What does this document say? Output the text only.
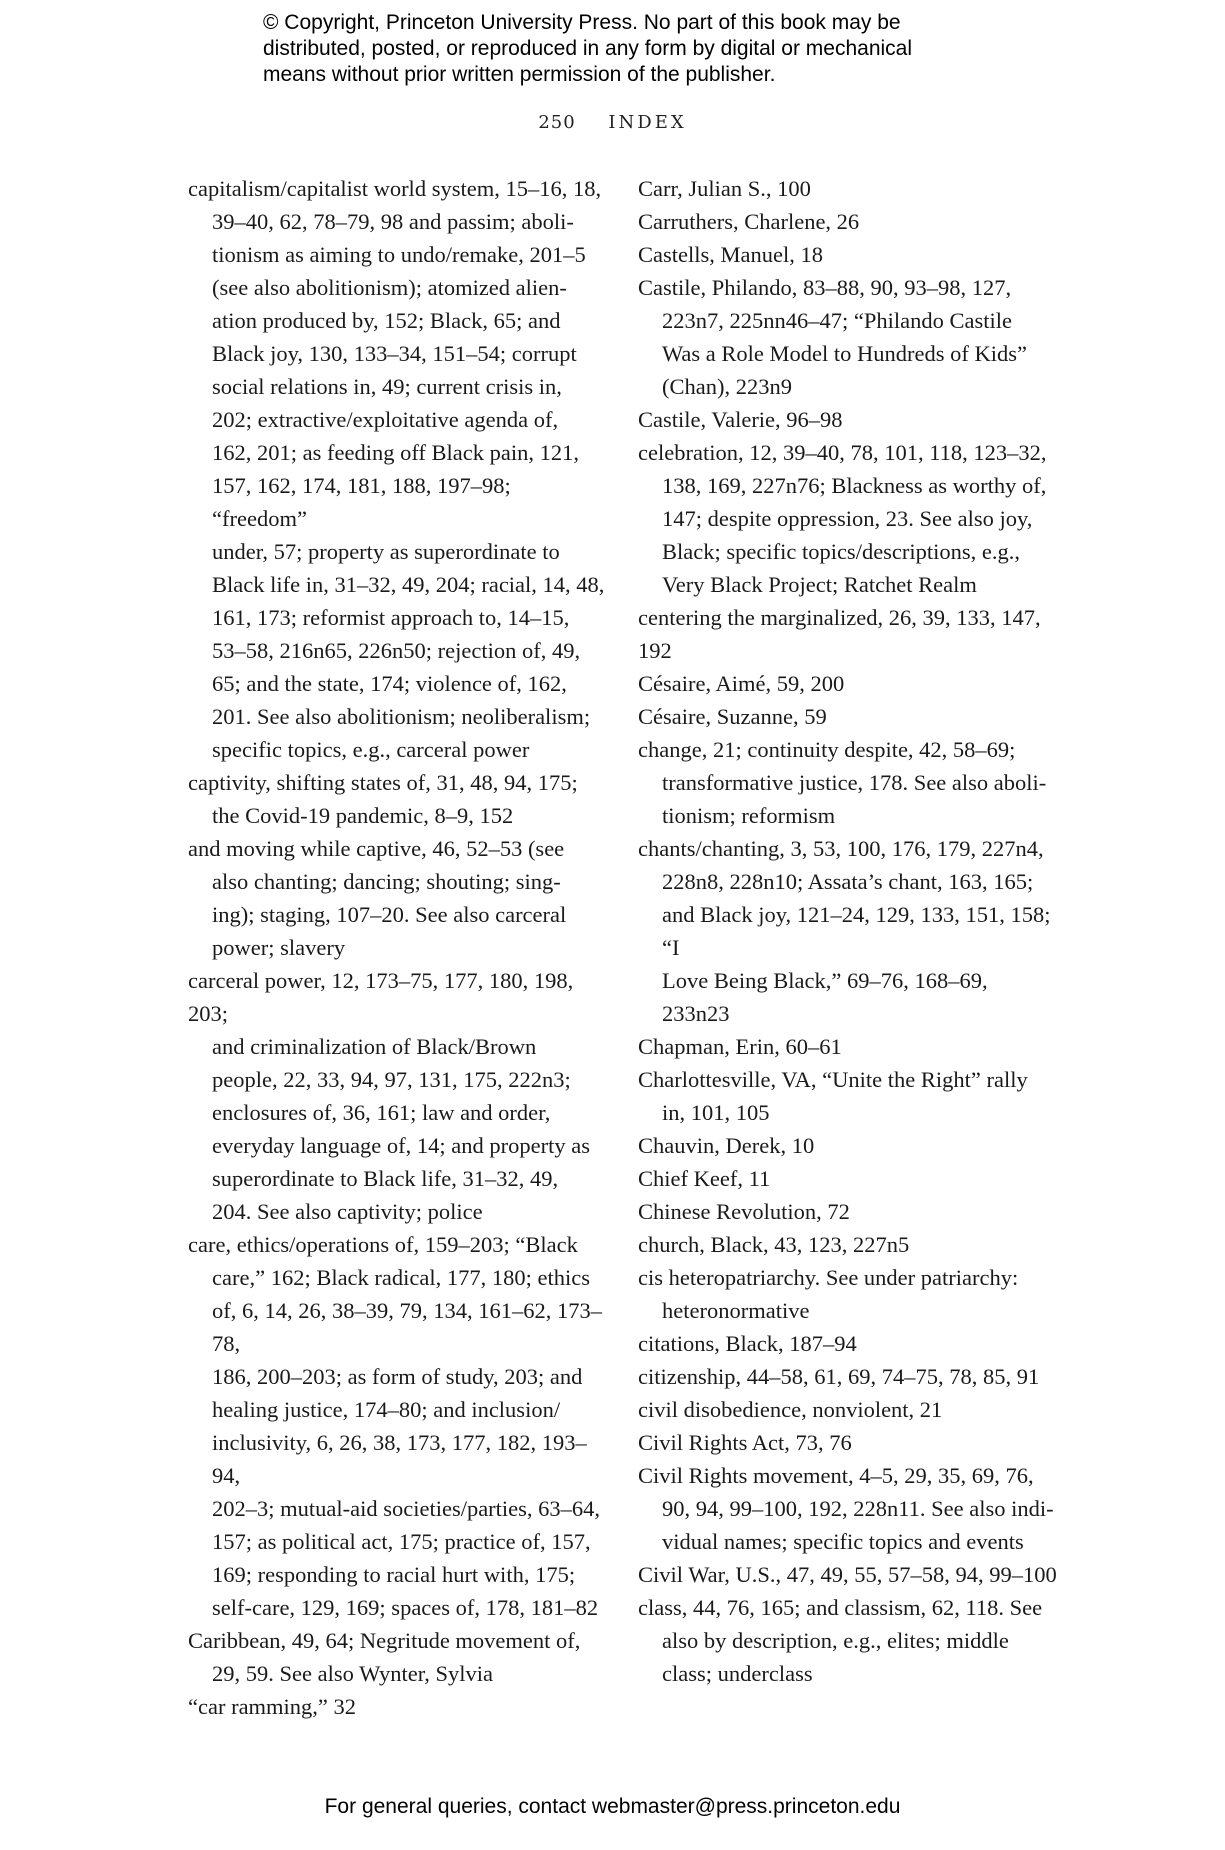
© Copyright, Princeton University Press. No part of this book may be
distributed, posted, or reproduced in any form by digital or mechanical
means without prior written permission of the publisher.
250 INDEX
capitalism/capitalist world system, 15–16, 18,
39–40, 62, 78–79, 98 and passim; aboli-
tionism as aiming to undo/remake, 201–5
(see also abolitionism); atomized alien-
ation produced by, 152; Black, 65; and
Black joy, 130, 133–34, 151–54; corrupt
social relations in, 49; current crisis in,
202; extractive/exploitative agenda of,
162, 201; as feeding off Black pain, 121,
157, 162, 174, 181, 188, 197–98; “freedom”
under, 57; property as superordinate to
Black life in, 31–32, 49, 204; racial, 14, 48,
161, 173; reformist approach to, 14–15,
53–58, 216n65, 226n50; rejection of, 49,
65; and the state, 174; violence of, 162,
201. See also abolitionism; neoliberalism;
specific topics, e.g., carceral power
captivity, shifting states of, 31, 48, 94, 175;
the Covid-19 pandemic, 8–9, 152
and moving while captive, 46, 52–53 (see
also chanting; dancing; shouting; sing-
ing); staging, 107–20. See also carceral
power; slavery
carceral power, 12, 173–75, 177, 180, 198, 203;
and criminalization of Black/Brown
people, 22, 33, 94, 97, 131, 175, 222n3;
enclosures of, 36, 161; law and order,
everyday language of, 14; and property as
superordinate to Black life, 31–32, 49,
204. See also captivity; police
care, ethics/operations of, 159–203; “Black
care,” 162; Black radical, 177, 180; ethics
of, 6, 14, 26, 38–39, 79, 134, 161–62, 173–78,
186, 200–203; as form of study, 203; and
healing justice, 174–80; and inclusion/
inclusivity, 6, 26, 38, 173, 177, 182, 193–94,
202–3; mutual-aid societies/parties, 63–64,
157; as political act, 175; practice of, 157,
169; responding to racial hurt with, 175;
self-care, 129, 169; spaces of, 178, 181–82
Caribbean, 49, 64; Negritude movement of,
29, 59. See also Wynter, Sylvia
“car ramming,” 32
Carr, Julian S., 100
Carruthers, Charlene, 26
Castells, Manuel, 18
Castile, Philando, 83–88, 90, 93–98, 127,
223n7, 225nn46–47; “Philando Castile
Was a Role Model to Hundreds of Kids”
(Chan), 223n9
Castile, Valerie, 96–98
celebration, 12, 39–40, 78, 101, 118, 123–32,
138, 169, 227n76; Blackness as worthy of,
147; despite oppression, 23. See also joy,
Black; specific topics/descriptions, e.g.,
Very Black Project; Ratchet Realm
centering the marginalized, 26, 39, 133, 147, 192
Césaire, Aimé, 59, 200
Césaire, Suzanne, 59
change, 21; continuity despite, 42, 58–69;
transformative justice, 178. See also aboli-
tionism; reformism
chants/chanting, 3, 53, 100, 176, 179, 227n4,
228n8, 228n10; Assata’s chant, 163, 165;
and Black joy, 121–24, 129, 133, 151, 158; “I
Love Being Black,” 69–76, 168–69, 233n23
Chapman, Erin, 60–61
Charlottesville, VA, “Unite the Right” rally
in, 101, 105
Chauvin, Derek, 10
Chief Keef, 11
Chinese Revolution, 72
church, Black, 43, 123, 227n5
cis heteropatriarchy. See under patriarchy:
heteronormative
citations, Black, 187–94
citizenship, 44–58, 61, 69, 74–75, 78, 85, 91
civil disobedience, nonviolent, 21
Civil Rights Act, 73, 76
Civil Rights movement, 4–5, 29, 35, 69, 76,
90, 94, 99–100, 192, 228n11. See also indi-
vidual names; specific topics and events
Civil War, U.S., 47, 49, 55, 57–58, 94, 99–100
class, 44, 76, 165; and classism, 62, 118. See
also by description, e.g., elites; middle
class; underclass
For general queries, contact webmaster@press.princeton.edu
